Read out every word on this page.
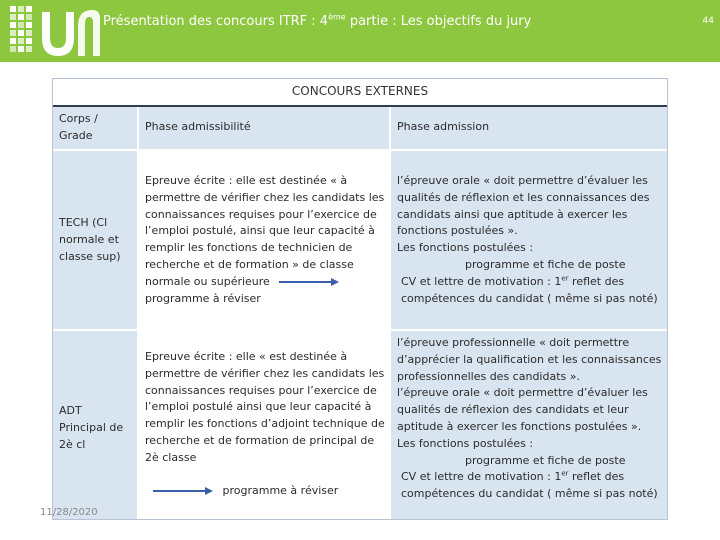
Présentation des concours ITRF : 4ème partie : Les objectifs du jury	44
CONCOURS EXTERNES
Corps / Grade
Phase admissibilité	Phase admission
TECH (Cl normale et classe sup)
Epreuve écrite : elle est destinée « à permettre de vérifier chez les candidats les connaissances requises pour l’exercice de l’emploi postulé, ainsi que leur capacité à remplir les fonctions de technicien de recherche et de formation » de classe normale ou supérieure  programme à réviser
l’épreuve orale « doit permettre d’évaluer les qualités de réflexion et les connaissances des candidats ainsi que aptitude à exercer les fonctions postulées ».
Les fonctions postulées :
programme et fiche de poste
CV et lettre de motivation : 1er reflet des compétences du candidat ( même si pas noté)
ADT Principal de 2è cl
Epreuve écrite : elle « est destinée à permettre de vérifier chez les candidats les connaissances requises pour l’exercice de l’emploi postulé ainsi que leur capacité à remplir les fonctions d’adjoint technique de recherche et de formation de principal de 2è classe
programme à réviser
l’épreuve professionnelle « doit permettre d’apprécier la qualification et les connaissances professionnelles des candidats ».
l’épreuve orale « doit permettre d’évaluer les qualités de réflexion des candidats et leur aptitude à exercer les fonctions postulées ».
Les fonctions postulées :
programme et fiche de poste
CV et lettre de motivation : 1er reflet des compétences du candidat ( même si pas noté)
11/28/2020
